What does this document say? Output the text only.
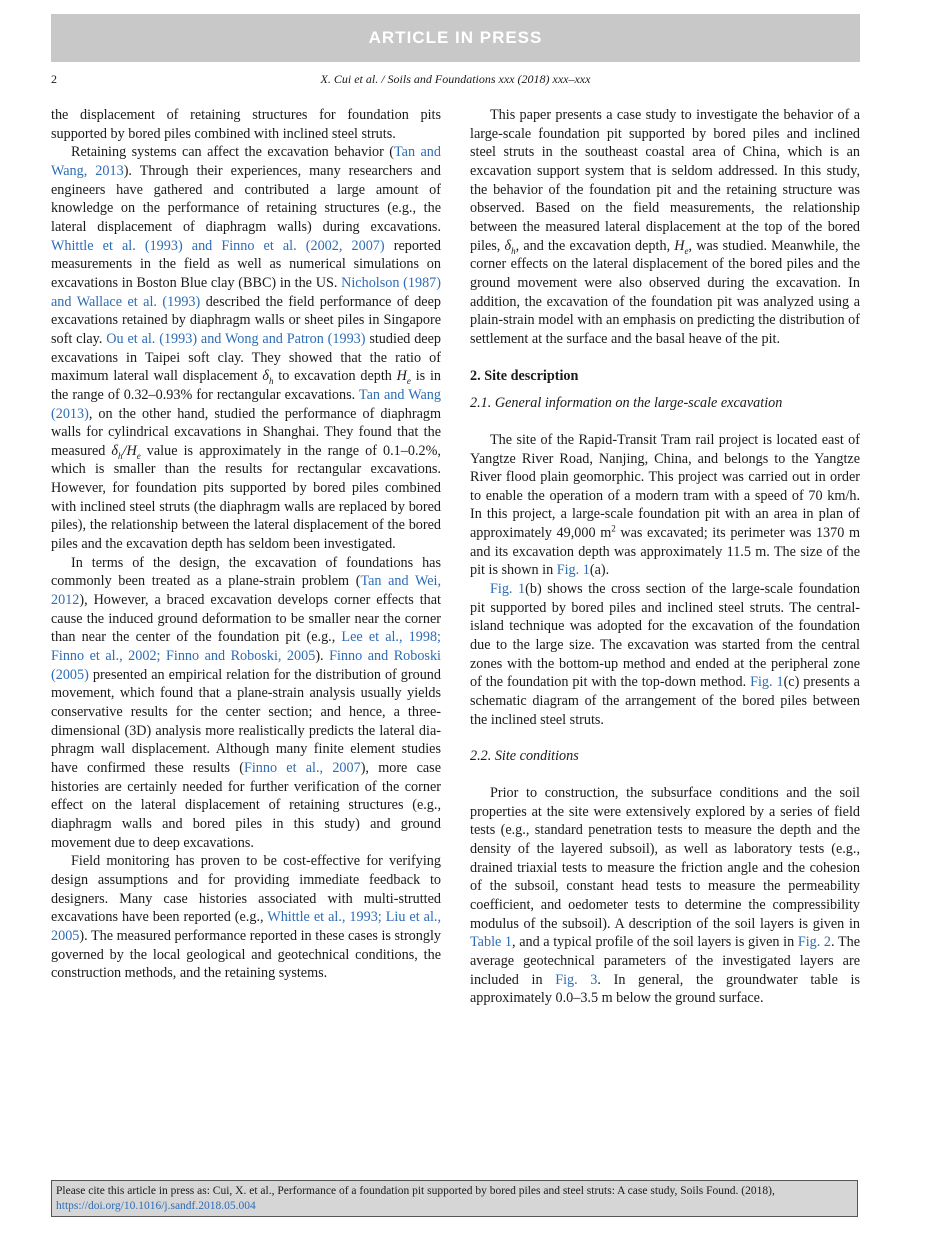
ARTICLE IN PRESS
2	X. Cui et al. / Soils and Foundations xxx (2018) xxx–xxx

the displacement of retaining structures for foundation pits supported by bored piles combined with inclined steel struts.

Retaining systems can affect the excavation behavior (Tan and Wang, 2013). Through their experiences, many researchers and engineers have gathered and contributed a large amount of knowledge on the performance of retaining structures (e.g., the lateral displacement of diaphragm walls) during excavations. Whittle et al. (1993) and Finno et al. (2002, 2007) reported measurements in the field as well as numerical simulations on excavations in Boston Blue clay (BBC) in the US. Nicholson (1987) and Wallace et al. (1993) described the field performance of deep excavations retained by diaphragm walls or sheet piles in Singapore soft clay. Ou et al. (1993) and Wong and Patron (1993) studied deep excavations in Taipei soft clay. They showed that the ratio of maximum lateral wall displacement $\delta_h$ to excavation depth $H_e$ is in the range of 0.32–0.93% for rectangular excavations. Tan and Wang (2013), on the other hand, studied the performance of diaphragm walls for cylindrical excavations in Shanghai. They found that the measured $\delta_h/H_e$ value is approximately in the range of 0.1–0.2%, which is smaller than the results for rectangular excavations. However, for foundation pits supported by bored piles combined with inclined steel struts (the diaphragm walls are replaced by bored piles), the relationship between the lateral displacement of the bored piles and the excavation depth has seldom been investigated.

In terms of the design, the excavation of foundations has commonly been treated as a plane-strain problem (Tan and Wei, 2012), However, a braced excavation develops corner effects that cause the induced ground deformation to be smaller near the corner than near the center of the foundation pit (e.g., Lee et al., 1998; Finno et al., 2002; Finno and Roboski, 2005). Finno and Roboski (2005) presented an empirical relation for the distribution of ground movement, which found that a plane-strain analysis usually yields conservative results for the center section; and hence, a three-dimensional (3D) analysis more realistically predicts the lateral diaphragm wall displacement. Although many finite element studies have confirmed these results (Finno et al., 2007), more case histories are certainly needed for further verification of the corner effect on the lateral displacement of retaining structures (e.g., diaphragm walls and bored piles in this study) and ground movement due to deep excavations.

Field monitoring has proven to be cost-effective for verifying design assumptions and for providing immediate feedback to designers. Many case histories associated with multi-strutted excavations have been reported (e.g., Whittle et al., 1993; Liu et al., 2005). The measured performance reported in these cases is strongly governed by the local geological and geotechnical conditions, the construction methods, and the retaining systems.

This paper presents a case study to investigate the behavior of a large-scale foundation pit supported by bored piles and inclined steel struts in the southeast coastal area of China, which is an excavation support system that is seldom addressed. In this study, the behavior of the foundation pit and the retaining structure was observed. Based on the field measurements, the relationship between the measured lateral displacement at the top of the bored piles, $\delta_h$, and the excavation depth, $H_e$, was studied. Meanwhile, the corner effects on the lateral displacement of the bored piles and the ground movement were also observed during the excavation. In addition, the excavation of the foundation pit was analyzed using a plain-strain model with an emphasis on predicting the distribution of settlement at the surface and the basal heave of the pit.

2. Site description

2.1. General information on the large-scale excavation

The site of the Rapid-Transit Tram rail project is located east of Yangtze River Road, Nanjing, China, and belongs to the Yangtze River flood plain geomorphic. This project was carried out in order to enable the operation of a modern tram with a speed of 70 km/h. In this project, a large-scale foundation pit with an area in plan of approximately 49,000 $m^2$ was excavated; its perimeter was 1370 m and its excavation depth was approximately 11.5 m. The size of the pit is shown in Fig. 1(a).

Fig. 1(b) shows the cross section of the large-scale foundation pit supported by bored piles and inclined steel struts. The central-island technique was adopted for the excavation of the foundation due to the large size. The excavation was started from the central zones with the bottom-up method and ended at the peripheral zone of the foundation pit with the top-down method. Fig. 1(c) presents a schematic diagram of the arrangement of the bored piles between the inclined steel struts.

2.2. Site conditions

Prior to construction, the subsurface conditions and the soil properties at the site were extensively explored by a series of field tests (e.g., standard penetration tests to measure the depth and the density of the layered subsoil), as well as laboratory tests (e.g., drained triaxial tests to measure the friction angle and the cohesion of the subsoil, constant head tests to measure the permeability coefficient, and oedometer tests to determine the compressibility modulus of the subsoil). A description of the soil layers is given in Table 1, and a typical profile of the soil layers is given in Fig. 2. The average geotechnical parameters of the investigated layers are included in Fig. 3. In general, the groundwater table is approximately 0.0–3.5 m below the ground surface.

Please cite this article in press as: Cui, X. et al., Performance of a foundation pit supported by bored piles and steel struts: A case study, Soils Found. (2018), https://doi.org/10.1016/j.sandf.2018.05.004
